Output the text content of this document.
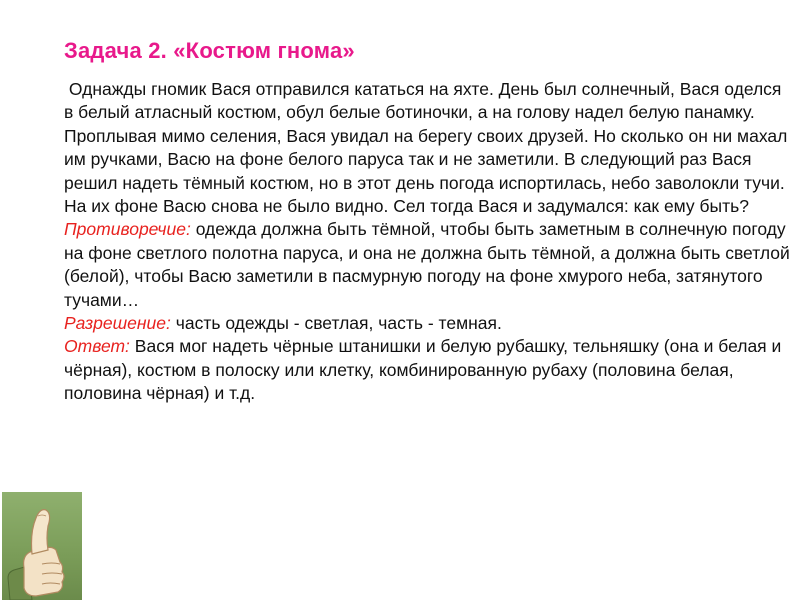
Задача 2. «Костюм гнома»

Однажды гномик Вася отправился кататься на яхте. День был солнечный, Вася оделся в белый атласный костюм, обул белые ботиночки, а на голову надел белую панамку. Проплывая мимо селения, Вася увидал на берегу своих друзей. Но сколько он ни махал им ручками, Васю на фоне белого паруса так и не заметили. В следующий раз Вася решил надеть тёмный костюм, но в этот день погода испортилась, небо заволокли тучи. На их фоне Васю снова не было видно. Сел тогда Вася и задумался: как ему быть?

Противоречие: одежда должна быть тёмной, чтобы быть заметным в солнечную погоду на фоне светлого полотна паруса, и она не должна быть тёмной, а должна быть светлой (белой), чтобы Васю заметили в пасмурную погоду на фоне хмурого неба, затянутого тучами…

Разрешение: часть одежды - светлая, часть - темная.

Ответ: Вася мог надеть чёрные штанишки и белую рубашку, тельняшку (она и белая и чёрная), костюм в полоску или клетку, комбинированную рубаху (половина белая, половина чёрная) и т.д.
